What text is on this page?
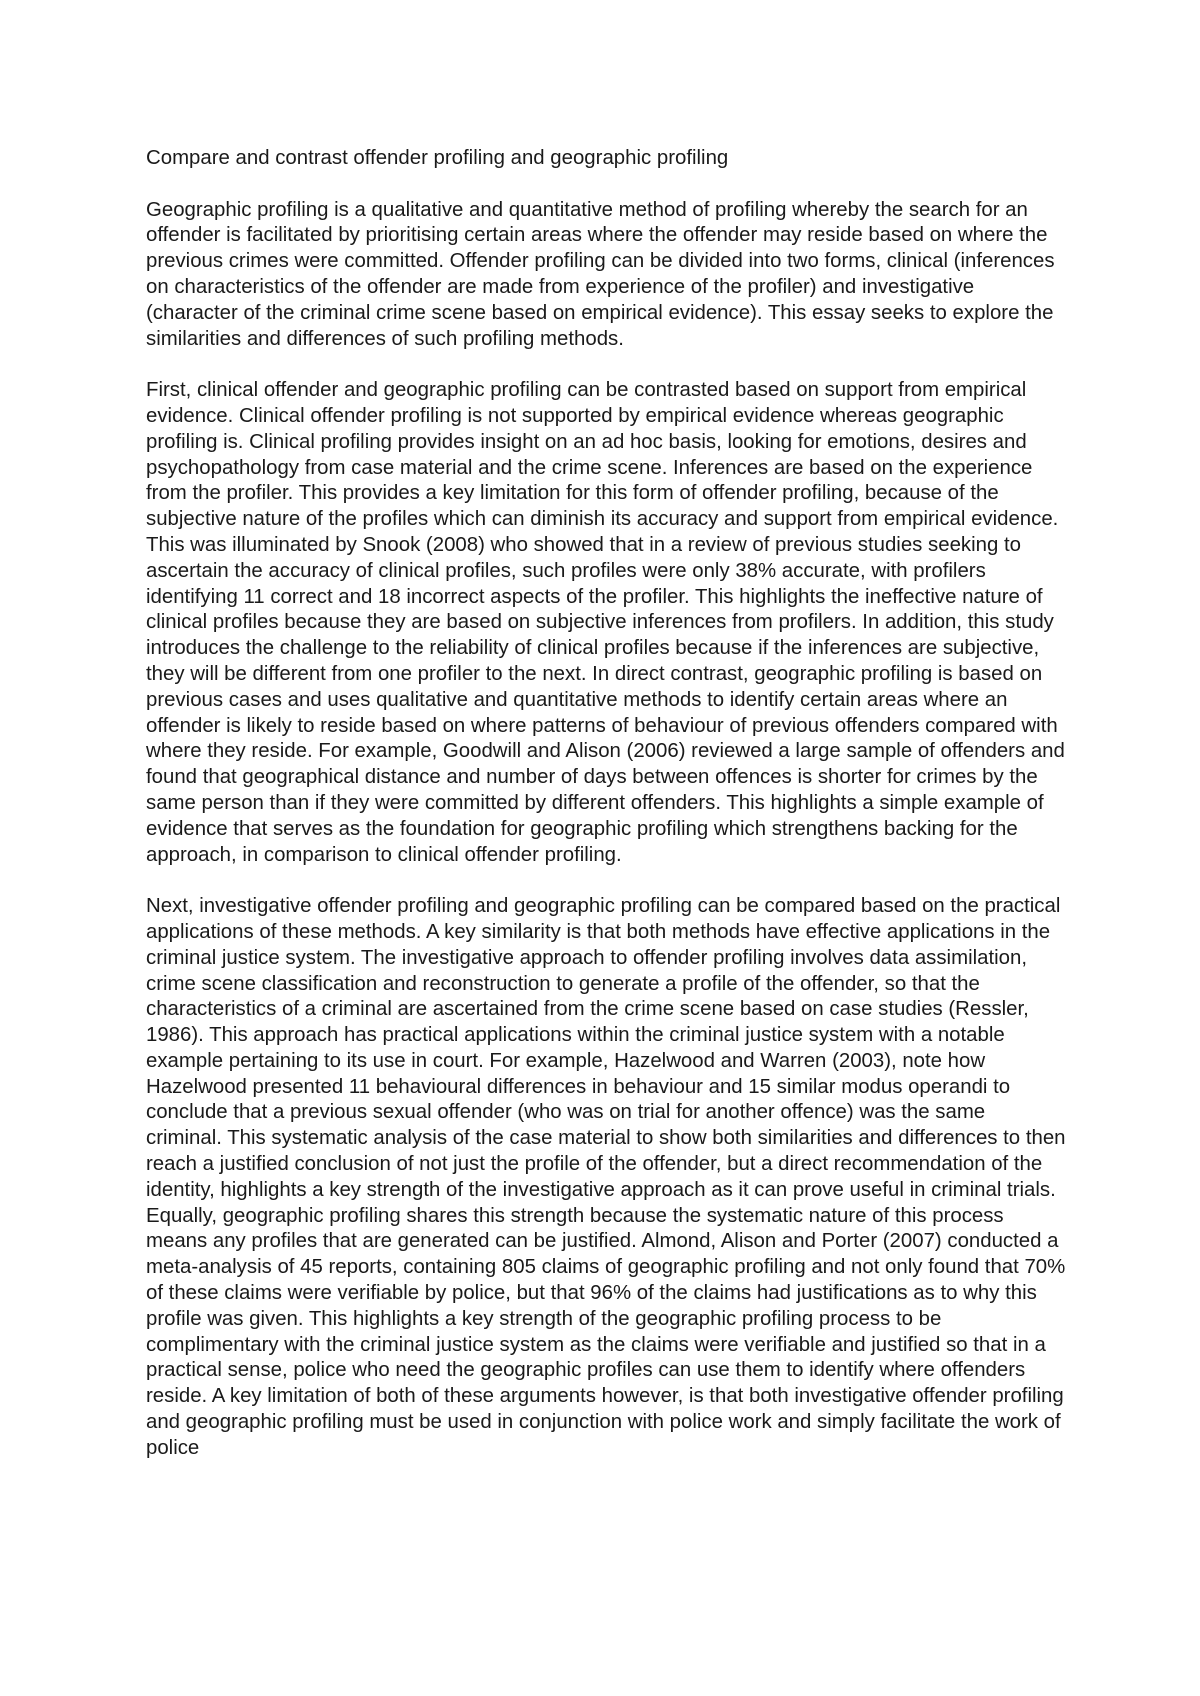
Compare and contrast offender profiling and geographic profiling

Geographic profiling is a qualitative and quantitative method of profiling whereby the search for an offender is facilitated by prioritising certain areas where the offender may reside based on where the previous crimes were committed. Offender profiling can be divided into two forms, clinical (inferences on characteristics of the offender are made from experience of the profiler) and investigative (character of the criminal crime scene based on empirical evidence). This essay seeks to explore the similarities and differences of such profiling methods.

First, clinical offender and geographic profiling can be contrasted based on support from empirical evidence. Clinical offender profiling is not supported by empirical evidence whereas geographic profiling is. Clinical profiling provides insight on an ad hoc basis, looking for emotions, desires and psychopathology from case material and the crime scene. Inferences are based on the experience from the profiler. This provides a key limitation for this form of offender profiling, because of the subjective nature of the profiles which can diminish its accuracy and support from empirical evidence. This was illuminated by Snook (2008) who showed that in a review of previous studies seeking to ascertain the accuracy of clinical profiles, such profiles were only 38% accurate, with profilers identifying 11 correct and 18 incorrect aspects of the profiler. This highlights the ineffective nature of clinical profiles because they are based on subjective inferences from profilers. In addition, this study introduces the challenge to the reliability of clinical profiles because if the inferences are subjective, they will be different from one profiler to the next. In direct contrast, geographic profiling is based on previous cases and uses qualitative and quantitative methods to identify certain areas where an offender is likely to reside based on where patterns of behaviour of previous offenders compared with where they reside. For example, Goodwill and Alison (2006) reviewed a large sample of offenders and found that geographical distance and number of days between offences is shorter for crimes by the same person than if they were committed by different offenders. This highlights a simple example of evidence that serves as the foundation for geographic profiling which strengthens backing for the approach, in comparison to clinical offender profiling.

Next, investigative offender profiling and geographic profiling can be compared based on the practical applications of these methods. A key similarity is that both methods have effective applications in the criminal justice system. The investigative approach to offender profiling involves data assimilation, crime scene classification and reconstruction to generate a profile of the offender, so that the characteristics of a criminal are ascertained from the crime scene based on case studies (Ressler, 1986). This approach has practical applications within the criminal justice system with a notable example pertaining to its use in court. For example, Hazelwood and Warren (2003), note how Hazelwood presented 11 behavioural differences in behaviour and 15 similar modus operandi to conclude that a previous sexual offender (who was on trial for another offence) was the same criminal. This systematic analysis of the case material to show both similarities and differences to then reach a justified conclusion of not just the profile of the offender, but a direct recommendation of the identity, highlights a key strength of the investigative approach as it can prove useful in criminal trials. Equally, geographic profiling shares this strength because the systematic nature of this process means any profiles that are generated can be justified. Almond, Alison and Porter (2007) conducted a meta-analysis of 45 reports, containing 805 claims of geographic profiling and not only found that 70% of these claims were verifiable by police, but that 96% of the claims had justifications as to why this profile was given. This highlights a key strength of the geographic profiling process to be complimentary with the criminal justice system as the claims were verifiable and justified so that in a practical sense, police who need the geographic profiles can use them to identify where offenders reside. A key limitation of both of these arguments however, is that both investigative offender profiling and geographic profiling must be used in conjunction with police work and simply facilitate the work of police
